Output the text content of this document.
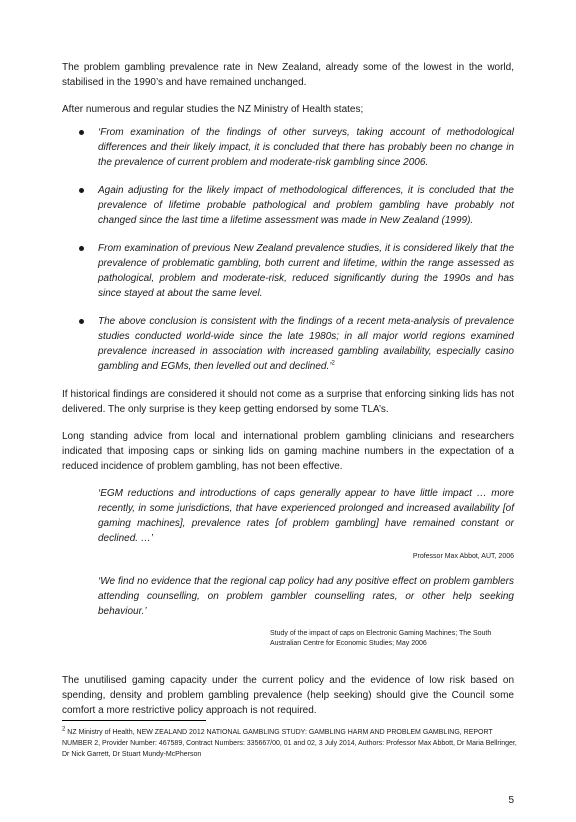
The problem gambling prevalence rate in New Zealand, already some of the lowest in the world, stabilised in the 1990’s and have remained unchanged.

After numerous and regular studies the NZ Ministry of Health states;

‘From examination of the findings of other surveys, taking account of methodological differences and their likely impact, it is concluded that there has probably been no change in the prevalence of current problem and moderate-risk gambling since 2006.

Again adjusting for the likely impact of methodological differences, it is concluded that the prevalence of lifetime probable pathological and problem gambling have probably not changed since the last time a lifetime assessment was made in New Zealand (1999).

From examination of previous New Zealand prevalence studies, it is considered likely that the prevalence of problematic gambling, both current and lifetime, within the range assessed as pathological, problem and moderate-risk, reduced significantly during the 1990s and has since stayed at about the same level.

The above conclusion is consistent with the findings of a recent meta-analysis of prevalence studies conducted world-wide since the late 1980s; in all major world regions examined prevalence increased in association with increased gambling availability, especially casino gambling and EGMs, then levelled out and declined.’$^2$

If historical findings are considered it should not come as a surprise that enforcing sinking lids has not delivered. The only surprise is they keep getting endorsed by some TLA’s.

Long standing advice from local and international problem gambling clinicians and researchers indicated that imposing caps or sinking lids on gaming machine numbers in the expectation of a reduced incidence of problem gambling, has not been effective.

‘EGM reductions and introductions of caps generally appear to have little impact … more recently, in some jurisdictions, that have experienced prolonged and increased availability [of gaming machines], prevalence rates [of problem gambling] have remained constant or declined. …’

Professor Max Abbot, AUT, 2006

‘We find no evidence that the regional cap policy had any positive effect on problem gamblers attending counselling, on problem gambler counselling rates, or other help seeking behaviour.’

Study of the impact of caps on Electronic Gaming Machines; The South Australian Centre for Economic Studies; May 2006

The unutilised gaming capacity under the current policy and the evidence of low risk based on spending, density and problem gambling prevalence (help seeking) should give the Council some comfort a more restrictive policy approach is not required.

$^2$ NZ Ministry of Health, NEW ZEALAND 2012 NATIONAL GAMBLING STUDY: GAMBLING HARM AND PROBLEM GAMBLING, REPORT NUMBER 2, Provider Number: 467589, Contract Numbers: 335667/00, 01 and 02, 3 July 2014, Authors: Professor Max Abbott, Dr Maria Bellringer, Dr Nick Garrett, Dr Stuart Mundy-McPherson
5
